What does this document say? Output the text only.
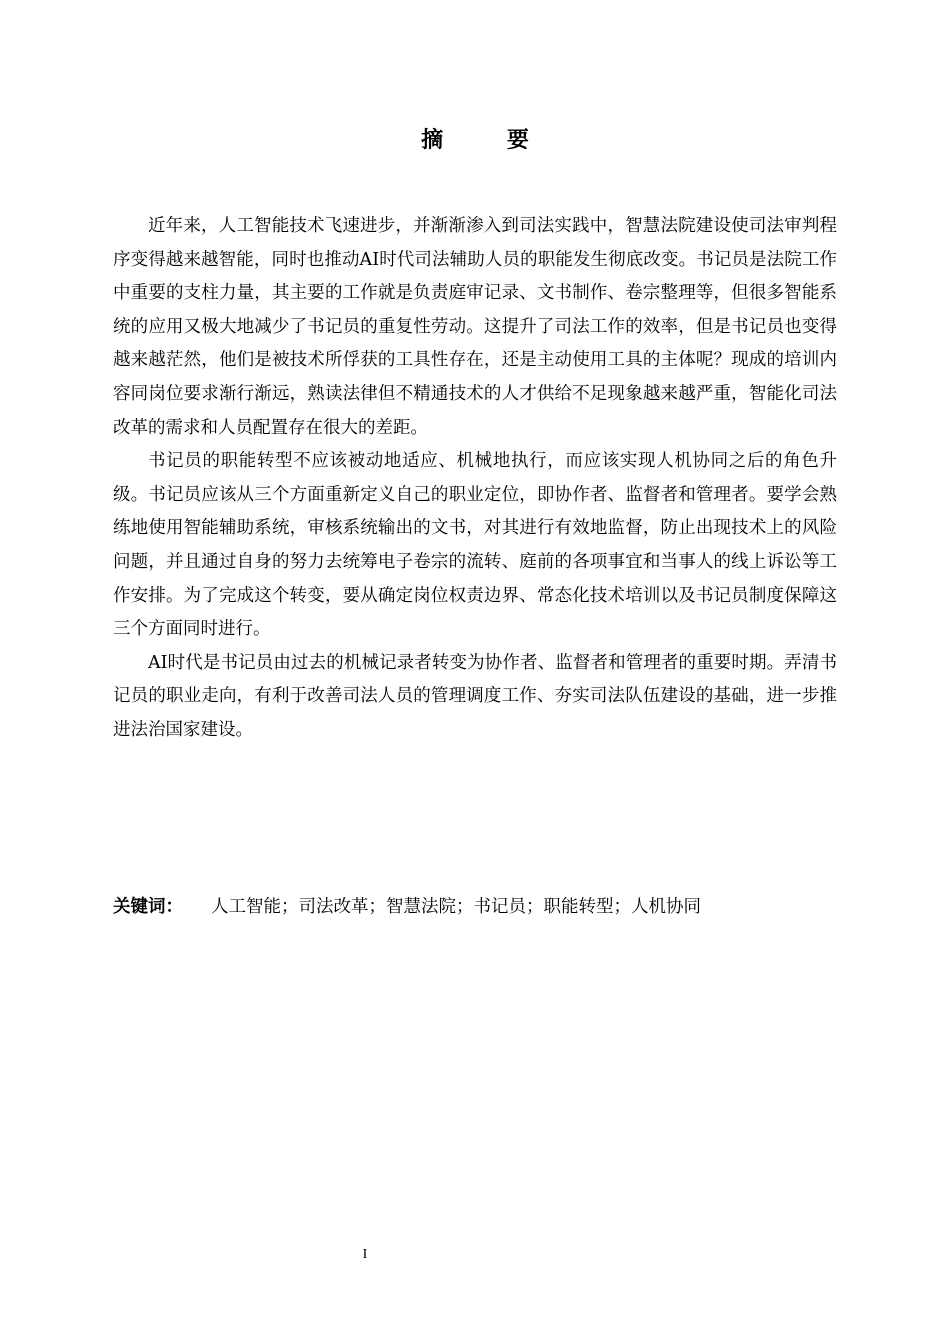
摘 要

近年来，人工智能技术飞速进步，并渐渐渗入到司法实践中，智慧法院建设使司法审判程序变得越来越智能，同时也推动AI时代司法辅助人员的职能发生彻底改变。书记员是法院工作中重要的支柱力量，其主要的工作就是负责庭审记录、文书制作、卷宗整理等，但很多智能系统的应用又极大地减少了书记员的重复性劳动。这提升了司法工作的效率，但是书记员也变得越来越茫然，他们是被技术所俘获的工具性存在，还是主动使用工具的主体呢？现成的培训内容同岗位要求渐行渐远，熟读法律但不精通技术的人才供给不足现象越来越严重，智能化司法改革的需求和人员配置存在很大的差距。

书记员的职能转型不应该被动地适应、机械地执行，而应该实现人机协同之后的角色升级。书记员应该从三个方面重新定义自己的职业定位，即协作者、监督者和管理者。要学会熟练地使用智能辅助系统，审核系统输出的文书，对其进行有效地监督，防止出现技术上的风险问题，并且通过自身的努力去统筹电子卷宗的流转、庭前的各项事宜和当事人的线上诉讼等工作安排。为了完成这个转变，要从确定岗位权责边界、常态化技术培训以及书记员制度保障这三个方面同时进行。

AI时代是书记员由过去的机械记录者转变为协作者、监督者和管理者的重要时期。弄清书记员的职业走向，有利于改善司法人员的管理调度工作、夯实司法队伍建设的基础，进一步推进法治国家建设。

关键词： 人工智能；司法改革；智慧法院；书记员；职能转型；人机协同
I
